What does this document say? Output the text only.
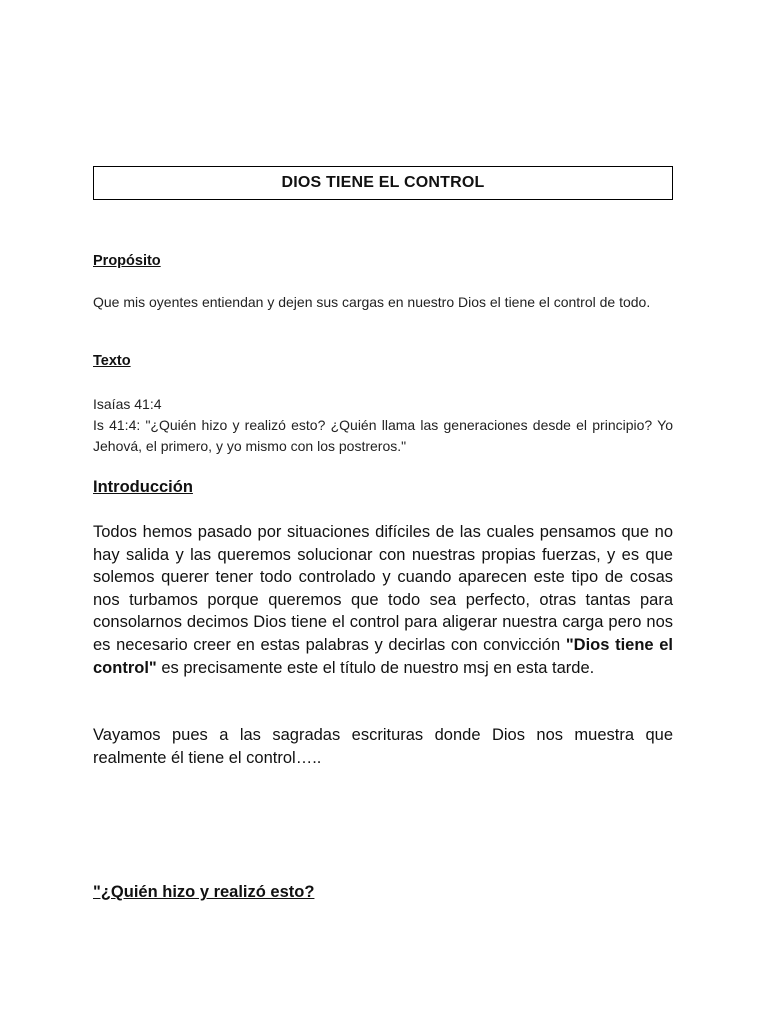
DIOS TIENE EL CONTROL
Propósito
Que mis oyentes entiendan y dejen sus cargas en nuestro Dios el tiene el control de todo.
Texto
Isaías 41:4
Is 41:4: "¿Quién hizo y realizó esto? ¿Quién llama las generaciones desde el principio? Yo Jehová, el primero, y yo mismo con los postreros."
Introducción
Todos hemos pasado por situaciones difíciles de las cuales pensamos que no hay salida y las queremos solucionar con nuestras propias fuerzas, y es que solemos querer tener todo controlado y cuando aparecen este tipo de cosas nos turbamos porque queremos que todo sea perfecto, otras tantas para consolarnos decimos Dios tiene el control para aligerar nuestra carga pero nos es necesario creer en estas palabras y decirlas con convicción "Dios tiene el control" es precisamente este el título de nuestro msj en esta tarde.
Vayamos pues a las sagradas escrituras donde Dios nos muestra que realmente él tiene el control…..
"¿Quién hizo y realizó esto?
